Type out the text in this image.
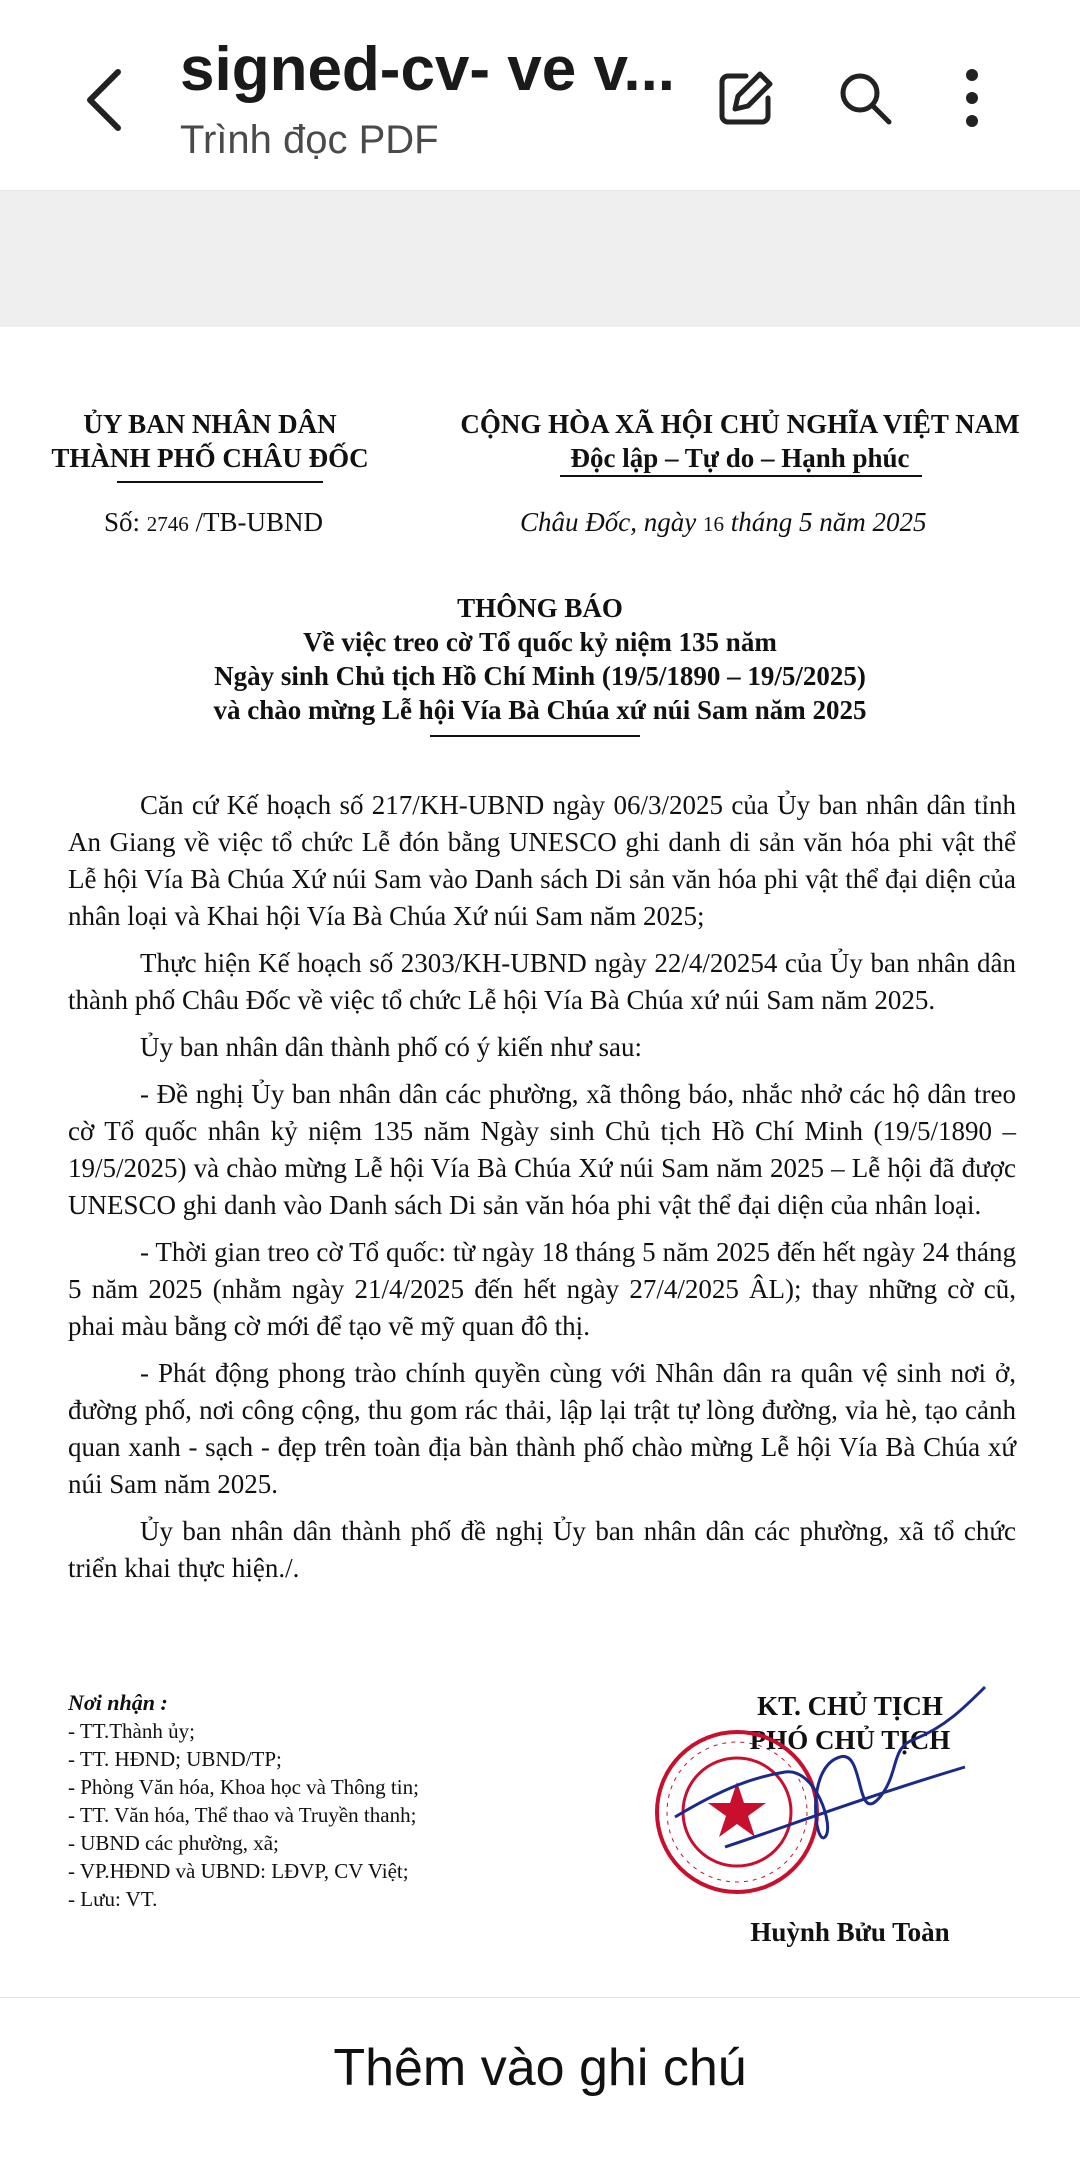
signed-cv- ve v...
Trình đọc PDF
ỦY BAN NHÂN DÂN
THÀNH PHỐ CHÂU ĐỐC
CỘNG HÒA XÃ HỘI CHỦ NGHĨA VIỆT NAM
Độc lập – Tự do – Hạnh phúc
Số: 2746 /TB-UBND	Châu Đốc, ngày 16 tháng 5 năm 2025
THÔNG BÁO
Về việc treo cờ Tổ quốc kỷ niệm 135 năm
Ngày sinh Chủ tịch Hồ Chí Minh (19/5/1890 – 19/5/2025)
và chào mừng Lễ hội Vía Bà Chúa xứ núi Sam năm 2025

Căn cứ Kế hoạch số 217/KH-UBND ngày 06/3/2025 của Ủy ban nhân dân tỉnh An Giang về việc tổ chức Lễ đón bằng UNESCO ghi danh di sản văn hóa phi vật thể Lễ hội Vía Bà Chúa Xứ núi Sam vào Danh sách Di sản văn hóa phi vật thể đại diện của nhân loại và Khai hội Vía Bà Chúa Xứ núi Sam năm 2025;

Thực hiện Kế hoạch số 2303/KH-UBND ngày 22/4/20254 của Ủy ban nhân dân thành phố Châu Đốc về việc tổ chức Lễ hội Vía Bà Chúa xứ núi Sam năm 2025.

Ủy ban nhân dân thành phố có ý kiến như sau:

- Đề nghị Ủy ban nhân dân các phường, xã thông báo, nhắc nhở các hộ dân treo cờ Tổ quốc nhân kỷ niệm 135 năm Ngày sinh Chủ tịch Hồ Chí Minh (19/5/1890 – 19/5/2025) và chào mừng Lễ hội Vía Bà Chúa Xứ núi Sam năm 2025 – Lễ hội đã được UNESCO ghi danh vào Danh sách Di sản văn hóa phi vật thể đại diện của nhân loại.

- Thời gian treo cờ Tổ quốc: từ ngày 18 tháng 5 năm 2025 đến hết ngày 24 tháng 5 năm 2025 (nhằm ngày 21/4/2025 đến hết ngày 27/4/2025 ÂL); thay những cờ cũ, phai màu bằng cờ mới để tạo vẽ mỹ quan đô thị.

- Phát động phong trào chính quyền cùng với Nhân dân ra quân vệ sinh nơi ở, đường phố, nơi công cộng, thu gom rác thải, lập lại trật tự lòng đường, vỉa hè, tạo cảnh quan xanh - sạch - đẹp trên toàn địa bàn thành phố chào mừng Lễ hội Vía Bà Chúa xứ núi Sam năm 2025.

Ủy ban nhân dân thành phố đề nghị Ủy ban nhân dân các phường, xã tổ chức triển khai thực hiện./.

Nơi nhận :
- TT.Thành ủy;
- TT. HĐND; UBND/TP;
- Phòng Văn hóa, Khoa học và Thông tin;
- TT. Văn hóa, Thể thao và Truyền thanh;
- UBND các phường, xã;
- VP.HĐND và UBND: LĐVP, CV Việt;
- Lưu: VT.
KT. CHỦ TỊCH
PHÓ CHỦ TỊCH
Huỳnh Bửu Toàn
Thêm vào ghi chú
